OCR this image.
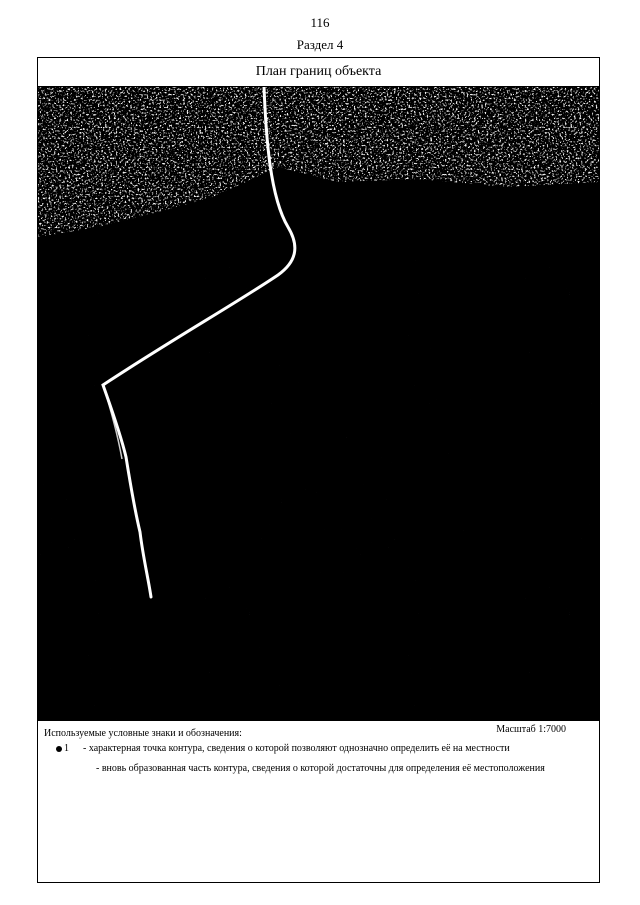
116
Раздел 4
План границ объекта
Используемые условные знаки и обозначения:	Масштаб 1:7000
1 - характерная точка контура, сведения о которой позволяют однозначно определить её на местности
- вновь образованная часть контура, сведения о которой достаточны для определения её местоположения
